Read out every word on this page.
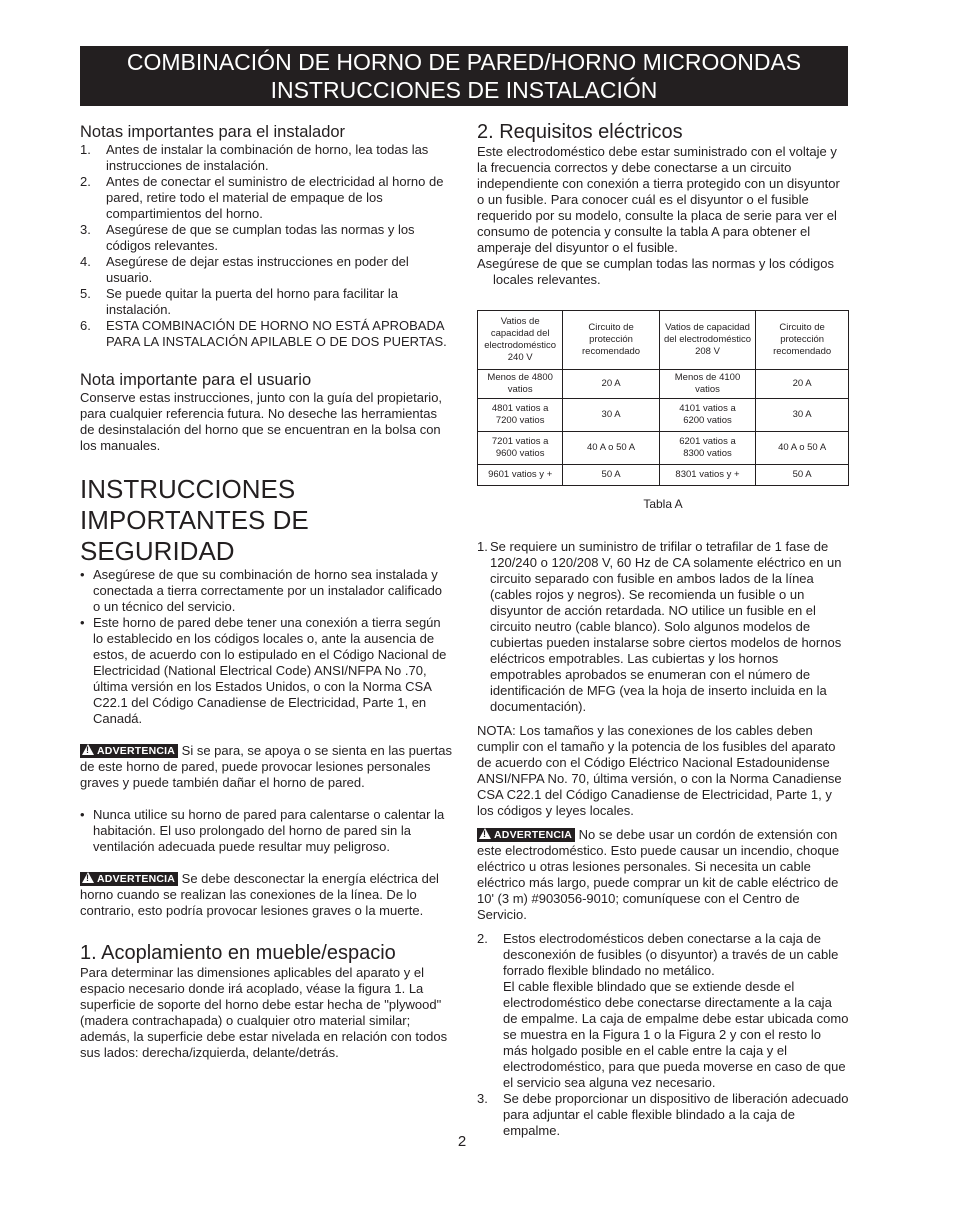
COMBINACIÓN DE HORNO DE PARED/HORNO MICROONDAS
INSTRUCCIONES DE INSTALACIÓN
Notas importantes para el instalador
1. Antes de instalar la combinación de horno, lea todas las instrucciones de instalación.
2. Antes de conectar el suministro de electricidad al horno de pared, retire todo el material de empaque de los compartimientos del horno.
3. Asegúrese de que se cumplan todas las normas y los códigos relevantes.
4. Asegúrese de dejar estas instrucciones en poder del usuario.
5. Se puede quitar la puerta del horno para facilitar la instalación.
6. ESTA COMBINACIÓN DE HORNO NO ESTÁ APROBADA PARA LA INSTALACIÓN APILABLE O DE DOS PUERTAS.
Nota importante para el usuario

Conserve estas instrucciones, junto con la guía del propietario, para cualquier referencia futura. No deseche las herramientas de desinstalación del horno que se encuentran en la bolsa con los manuales.

INSTRUCCIONES
IMPORTANTES DE SEGURIDAD
• Asegúrese de que su combinación de horno sea instalada y conectada a tierra correctamente por un instalador calificado o un técnico del servicio.
• Este horno de pared debe tener una conexión a tierra según lo establecido en los códigos locales o, ante la ausencia de estos, de acuerdo con lo estipulado en el Código Nacional de Electricidad (National Electrical Code) ANSI/NFPA No .70, última versión en los Estados Unidos, o con la Norma CSA C22.1 del Código Canadiense de Electricidad, Parte 1, en Canadá.

! ADVERTENCIA Si se para, se apoya o se sienta en las puertas de este horno de pared, puede provocar lesiones personales graves y puede también dañar el horno de pared.

• Nunca utilice su horno de pared para calentarse o calentar la habitación. El uso prolongado del horno de pared sin la ventilación adecuada puede resultar muy peligroso.

! ADVERTENCIA Se debe desconectar la energía eléctrica del horno cuando se realizan las conexiones de la línea. De lo contrario, esto podría provocar lesiones graves o la muerte.

1. Acoplamiento en mueble/espacio

Para determinar las dimensiones aplicables del aparato y el espacio necesario donde irá acoplado, véase la figura 1. La superficie de soporte del horno debe estar hecha de "plywood" (madera contrachapada) o cualquier otro material similar; además, la superficie debe estar nivelada en relación con todos sus lados: derecha/izquierda, delante/detrás.

2. Requisitos eléctricos

Este electrodoméstico debe estar suministrado con el voltaje y la frecuencia correctos y debe conectarse a un circuito independiente con conexión a tierra protegido con un disyuntor o un fusible. Para conocer cuál es el disyuntor o el fusible requerido por su modelo, consulte la placa de serie para ver el consumo de potencia y consulte la tabla A para obtener el amperaje del disyuntor o el fusible.

Asegúrese de que se cumplan todas las normas y los códigos locales relevantes.

Vatios de capacidad del electrodoméstico 240 V	Circuito de protección recomendado	Vatios de capacidad del electrodoméstico 208 V	Circuito de protección recomendado
Menos de 4800 vatios	20 A	Menos de 4100 vatios	20 A

4801 vatios a 7200 vatios	30 A	4101 vatios a 6200 vatios	30 A

7201 vatios a 9600 vatios	40 A o 50 A	6201 vatios a 8300 vatios	40 A o 50 A
9601 vatios y +	50 A	8301 vatios y +	50 A
Tabla A
1. Se requiere un suministro de trifilar o tetrafilar de 1 fase de 120/240 o 120/208 V, 60 Hz de CA solamente eléctrico en un circuito separado con fusible en ambos lados de la línea (cables rojos y negros). Se recomienda un fusible o un disyuntor de acción retardada. NO utilice un fusible en el circuito neutro (cable blanco). Solo algunos modelos de cubiertas pueden instalarse sobre ciertos modelos de hornos eléctricos empotrables. Las cubiertas y los hornos empotrables aprobados se enumeran con el número de identificación de MFG (vea la hoja de inserto incluida en la documentación).

NOTA: Los tamaños y las conexiones de los cables deben cumplir con el tamaño y la potencia de los fusibles del aparato de acuerdo con el Código Eléctrico Nacional Estadounidense ANSI/NFPA No. 70, última versión, o con la Norma Canadiense CSA C22.1 del Código Canadiense de Electricidad, Parte 1, y los códigos y leyes locales.

! ADVERTENCIA No se debe usar un cordón de extensión con este electrodoméstico. Esto puede causar un incendio, choque eléctrico u otras lesiones personales. Si necesita un cable eléctrico más largo, puede comprar un kit de cable eléctrico de 10' (3 m) #903056-9010; comuníquese con el Centro de Servicio.

2. Estos electrodomésticos deben conectarse a la caja de desconexión de fusibles (o disyuntor) a través de un cable forrado flexible blindado no metálico.
El cable flexible blindado que se extiende desde el electrodoméstico debe conectarse directamente a la caja de empalme. La caja de empalme debe estar ubicada como se muestra en la Figura 1 o la Figura 2 y con el resto lo más holgado posible en el cable entre la caja y el electrodoméstico, para que pueda moverse en caso de que el servicio sea alguna vez necesario.
3. Se debe proporcionar un dispositivo de liberación adecuado para adjuntar el cable flexible blindado a la caja de empalme.
2
